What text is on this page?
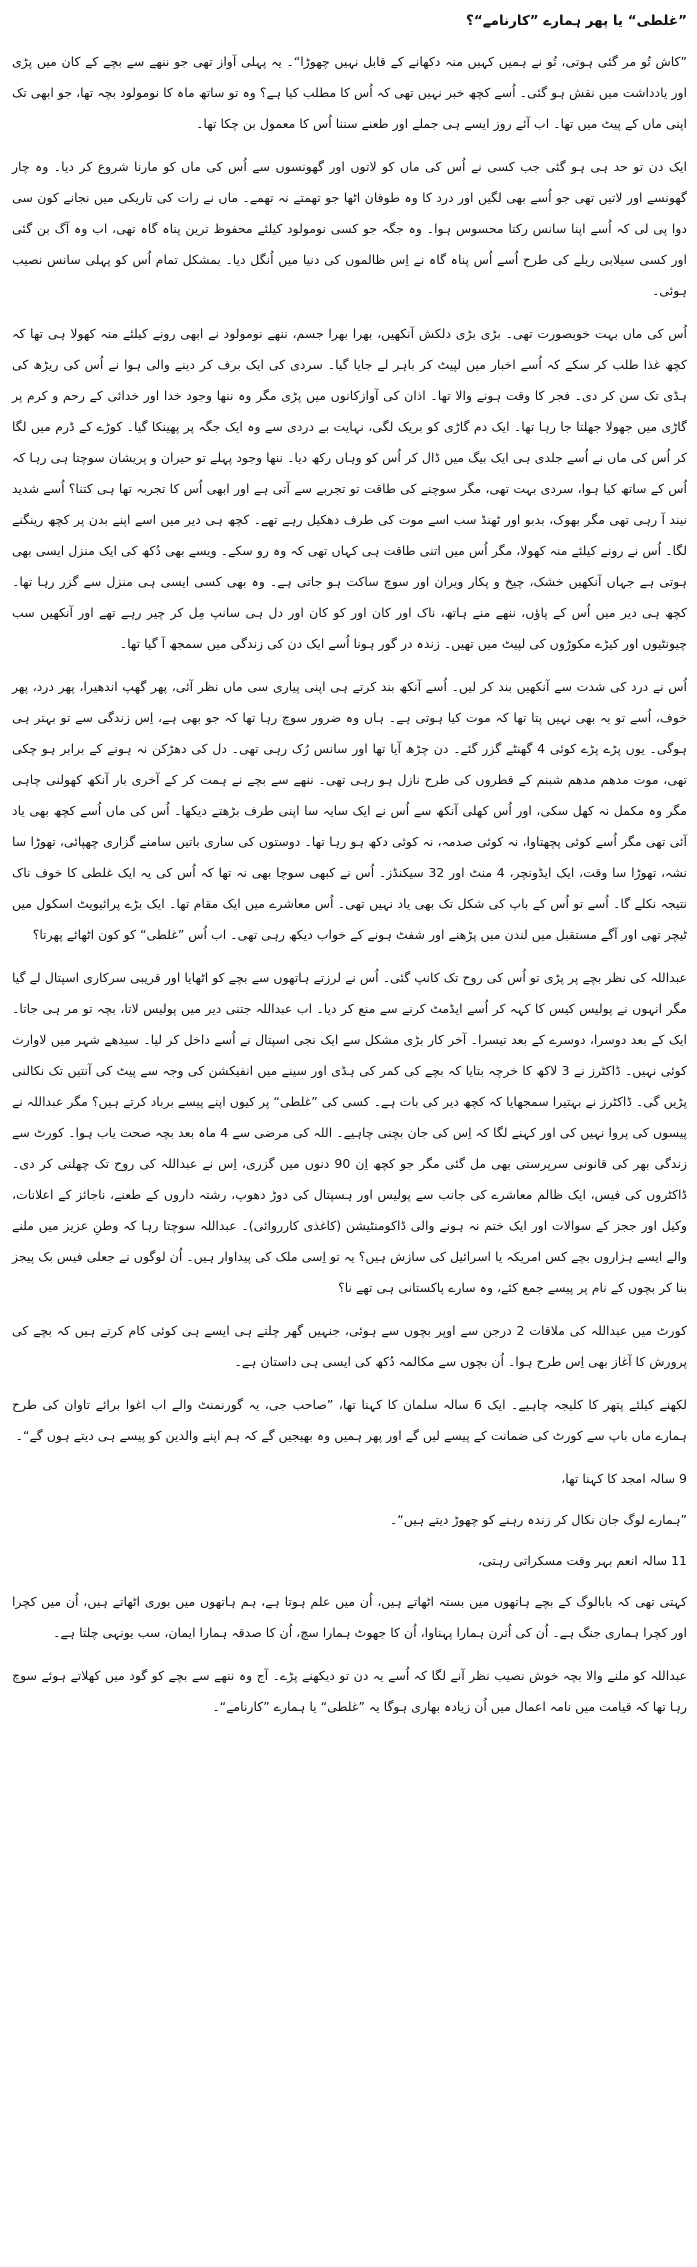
”غلطی“ یا پھر ہمارے ”کارنامے“؟

”کاش تُو مر گئی ہوتی، تُو نے ہمیں کہیں منہ دکھانے کے قابل نہیں چھوڑا“۔ یہ پہلی آواز تھی جو ننھے سے بچے کے کان میں پڑی اور یادداشت میں نقش ہو گئی۔ اُسے کچھ خبر نہیں تھی کہ اُس کا مطلب کیا ہے؟ وہ تو ساتھ ماہ کا نومولود بچہ تھا، جو ابھی تک اپنی ماں کے پیٹ میں تھا۔ اب آئے روز ایسے ہی جملے اور طعنے سننا اُس کا معمول بن چکا تھا۔

ایک دن تو حد ہی ہو گئی جب کسی نے اُس کی ماں کو لاتوں اور گھونسوں سے اُس کی ماں کو مارنا شروع کر دیا۔ وہ چار گھونسے اور لاتیں تھی جو اُسے بھی لگیں اور درد کا وہ طوفان اٹھا جو تھمتے نہ تھمے۔ ماں نے رات کی تاریکی میں نجانے کون سی دوا پی لی کہ اُسے اپنا سانس رکتا محسوس ہوا۔ وہ جگہ جو کسی نومولود کیلئے محفوظ ترین پناہ گاہ تھی، اب وہ آگ بن گئی اور کسی سیلابی ریلے کی طرح اُسے اُس پناہ گاہ نے اِس ظالموں کی دنیا میں اُنگل دیا۔ بمشکل تمام اُس کو پہلی سانس نصیب ہوئی۔

اُس کی ماں بہت خوبصورت تھی۔ بڑی بڑی دلکش آنکھیں، بھرا بھرا جسم، ننھے نومولود نے ابھی رونے کیلئے منہ کھولا ہی تھا کہ کچھ غذا طلب کر سکے کہ اُسے اخبار میں لپیٹ کر باہر لے جایا گیا۔ سردی کی ایک برف کر دینے والی ہوا نے اُس کی ریڑھ کی ہڈی تک سن کر دی۔ فجر کا وقت ہونے والا تھا۔ اذان کی آوازکانوں میں پڑی مگر وہ ننھا وجود خدا اور خدائی کے رحم و کرم پر گاڑی میں جھولا جھلتا جا رہا تھا۔ ایک دم گاڑی کو بریک لگی، نہایت بے دردی سے وہ ایک جگہ پر پھینکا گیا۔ کوڑے کے ڈرم میں لگا کر اُس کی ماں نے اُسے جلدی ہی ایک بیگ میں ڈال کر اُس کو وہاں رکھ دیا۔ ننھا وجود پہلے تو حیران و پریشان سوچتا ہی رہا کہ اُس کے ساتھ کیا ہوا، سردی بہت تھی، مگر سوچنے کی طاقت تو تجربے سے آتی ہے اور ابھی اُس کا تجربہ تھا ہی کتنا؟ اُسے شدید نیند آ رہی تھی مگر بھوک، بدبو اور ٹھنڈ سب اسے موت کی طرف دھکیل رہے تھے۔ کچھ ہی دیر میں اسے اپنے بدن پر کچھ رینگنے لگا۔ اُس نے رونے کیلئے منہ کھولا، مگر اُس میں اتنی طاقت ہی کہاں تھی کہ وہ رو سکے۔ ویسے بھی دُکھ کی ایک منزل ایسی بھی ہوتی ہے جہاں آنکھیں خشک، چیخ و پکار ویران اور سوچ ساکت ہو جاتی ہے۔ وہ بھی کسی ایسی ہی منزل سے گزر رہا تھا۔ کچھ ہی دیر میں اُس کے پاؤں، ننھے منے ہاتھ، ناک اور کان اور کو کان اور دل ہی سانپ مِل کر چیر رہے تھے اور آنکھیں سب چیونٹیوں اور کیڑے مکوڑوں کی لپیٹ میں تھیں۔ زندہ در گور ہونا اُسے ایک دن کی زندگی میں سمجھ آ گیا تھا۔

اُس نے درد کی شدت سے آنکھیں بند کر لیں۔ اُسے آنکھ بند کرتے ہی اپنی پیاری سی ماں نظر آئی، پھر گھپ اندھیرا، پھر درد، پھر خوف، اُسے تو یہ بھی نہیں پتا تھا کہ موت کیا ہوتی ہے۔ ہاں وہ ضرور سوچ رہا تھا کہ جو بھی ہے، اِس زندگی سے تو بہتر ہی ہوگی۔ یوں پڑے پڑے کوئی 4 گھنٹے گزر گئے۔ دن چڑھ آیا تھا اور سانس رُک رہی تھی۔ دل کی دھڑکن نہ ہونے کے برابر ہو چکی تھی، موت مدھم مدھم شبنم کے قطروں کی طرح نازل ہو رہی تھی۔ ننھے سے بچے نے ہمت کر کے آخری بار آنکھ کھولنی چاہی مگر وہ مکمل نہ کھل سکی، اور اُس کھلی آنکھ سے اُس نے ایک سایہ سا اپنی طرف بڑھتے دیکھا۔ اُس کی ماں اُسے کچھ بھی یاد آئی تھی مگر اُسے کوئی پچھتاوا، نہ کوئی صدمہ، نہ کوئی دکھ ہو رہا تھا۔ دوستوں کی ساری باتیں سامنے گزاری چھپائی، تھوڑا سا نشہ، تھوڑا سا وقت، ایک ایڈونچر، 4 منٹ اور 32 سیکنڈز۔ اُس نے کبھی سوچا بھی نہ تھا کہ اُس کی یہ ایک غلطی کا خوف ناک نتیجہ نکلے گا۔ اُسے تو اُس کے باپ کی شکل تک بھی یاد نہیں تھی۔ اُس معاشرے میں ایک مقام تھا۔ ایک بڑے پرائیویٹ اسکول میں ٹیچر تھی اور آگے مستقبل میں لندن میں پڑھنے اور شفٹ ہونے کے خواب دیکھ رہی تھی۔ اب اُس ”غلطی“ کو کون اٹھائے پھرتا؟

عبداللہ کی نظر بچے پر پڑی تو اُس کی روح تک کانپ گئی۔ اُس نے لرزتے ہاتھوں سے بچے کو اٹھایا اور قریبی سرکاری اسپتال لے گیا مگر انہوں نے پولیس کیس کا کہہ کر اُسے ایڈمٹ کرنے سے منع کر دیا۔ اب عبداللہ جتنی دیر میں پولیس لاتا، بچہ تو مر ہی جاتا۔ ایک کے بعد دوسرا، دوسرے کے بعد تیسرا۔ آخر کار بڑی مشکل سے ایک نجی اسپتال نے اُسے داخل کر لیا۔ سیدھے شہر میں لاوارث کوئی نہیں۔ ڈاکٹرز نے 3 لاکھ کا خرچہ بتایا کہ بچے کی کمر کی ہڈی اور سینے میں انفیکشن کی وجہ سے پیٹ کی آنتیں تک نکالنی پڑیں گی۔ ڈاکٹرز نے بہتیرا سمجھایا کہ کچھ دیر کی بات ہے۔ کسی کی ”غلطی“ پر کیوں اپنے پیسے برباد کرتے ہیں؟ مگر عبداللہ نے پیسوں کی پروا نہیں کی اور کہنے لگا کہ اِس کی جان بچنی چاہیے۔ اللہ کی مرضی سے 4 ماہ بعد بچہ صحت یاب ہوا۔ کورٹ سے زندگی بھر کی قانونی سرپرستی بھی مل گئی مگر جو کچھ اِن 90 دنوں میں گزری، اِس نے عبداللہ کی روح تک چھلنی کر دی۔ ڈاکٹروں کی فیس، ایک ظالم معاشرے کی جانب سے پولیس اور ہسپتال کی دوڑ دھوپ، رشتہ داروں کے طعنے، ناجائز کے اعلانات، وکیل اور ججز کے سوالات اور ایک ختم نہ ہونے والی ڈاکومنٹیشن (کاغذی کارروائی)۔ عبداللہ سوچتا رہا کہ وطنِ عزیز میں ملنے والے ایسے ہزاروں بچے کس امریکہ یا اسرائیل کی سازش ہیں؟ یہ تو اِسی ملک کی پیداوار ہیں۔ اُن لوگوں نے جعلی فیس بک پیجز بنا کر بچوں کے نام پر پیسے جمع کئے، وہ سارے پاکستانی ہی تھے نا؟

کورٹ میں عبداللہ کی ملاقات 2 درجن سے اوپر بچوں سے ہوئی، جنہیں گھر چلتے ہی ایسے ہی کوئی کام کرتے ہیں کہ بچے کی پرورش کا آغاز بھی اِس طرح ہوا۔ اُن بچوں سے مکالمہ دُکھ کی ایسی ہی داستان ہے۔

لکھنے کیلئے پتھر کا کلیجہ چاہیے۔ ایک 6 سالہ سلمان کا کہنا تھا، ”صاحب جی، یہ گورنمنٹ والے اب اغوا برائے تاوان کی طرح ہمارے ماں باپ سے کورٹ کی ضمانت کے پیسے لیں گے اور پھر ہمیں وہ بھیجیں گے کہ ہم اپنے والدین کو پیسے ہی دیتے ہوں گے“۔

9 سالہ امجد کا کہنا تھا،

”ہمارے لوگ جان نکال کر زندہ رہنے کو چھوڑ دیتے ہیں“۔

11 سالہ انعم بہر وقت مسکراتی رہتی،

کہتی تھی کہ بابالوگ کے بچے ہاتھوں میں بستہ اٹھاتے ہیں، اُن میں علم ہوتا ہے، ہم ہاتھوں میں بوری اٹھاتے ہیں، اُن میں کچرا اور کچرا ہماری جنگ ہے۔ اُن کی اُترن ہمارا پہناوا، اُن کا جھوٹ ہمارا سچ، اُن کا صدقہ ہمارا ایمان، سب یونہی چلتا ہے۔

عبداللہ کو ملنے والا بچہ خوش نصیب نظر آنے لگا کہ اُسے یہ دن تو دیکھنے پڑے۔ آج وہ ننھے سے بچے کو گود میں کھلاتے ہوئے سوچ رہا تھا کہ قیامت میں نامہ اعمال میں اُن زیادہ بھاری ہوگا یہ ”غلطی“ یا ہمارے ”کارنامے“۔
